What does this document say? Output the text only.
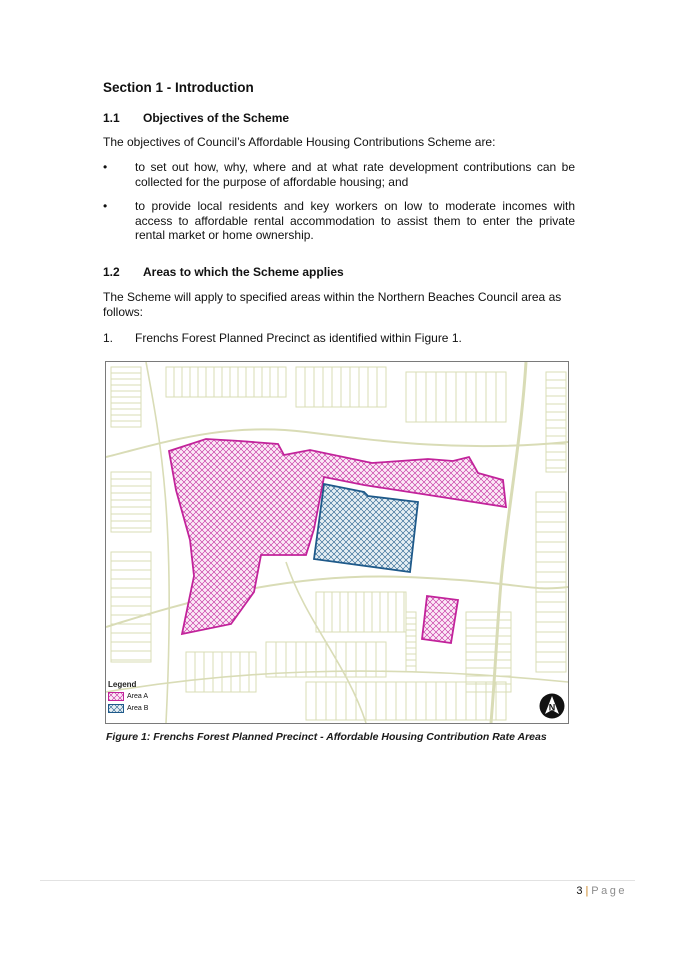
Section 1 - Introduction
1.1 Objectives of the Scheme

The objectives of Council’s Affordable Housing Contributions Scheme are:

•	to set out how, why, where and at what rate development contributions can be collected for the purpose of affordable housing; and
•	to provide local residents and key workers on low to moderate incomes with access to affordable rental accommodation to assist them to enter the private rental market or home ownership.
1.2 Areas to which the Scheme applies

The Scheme will apply to specified areas within the Northern Beaches Council area as follows:

1. Frenchs Forest Planned Precinct as identified within Figure 1.
Legend
Area A
Area B	N
Figure 1: Frenchs Forest Planned Precinct - Affordable Housing Contribution Rate Areas
3 | Page
